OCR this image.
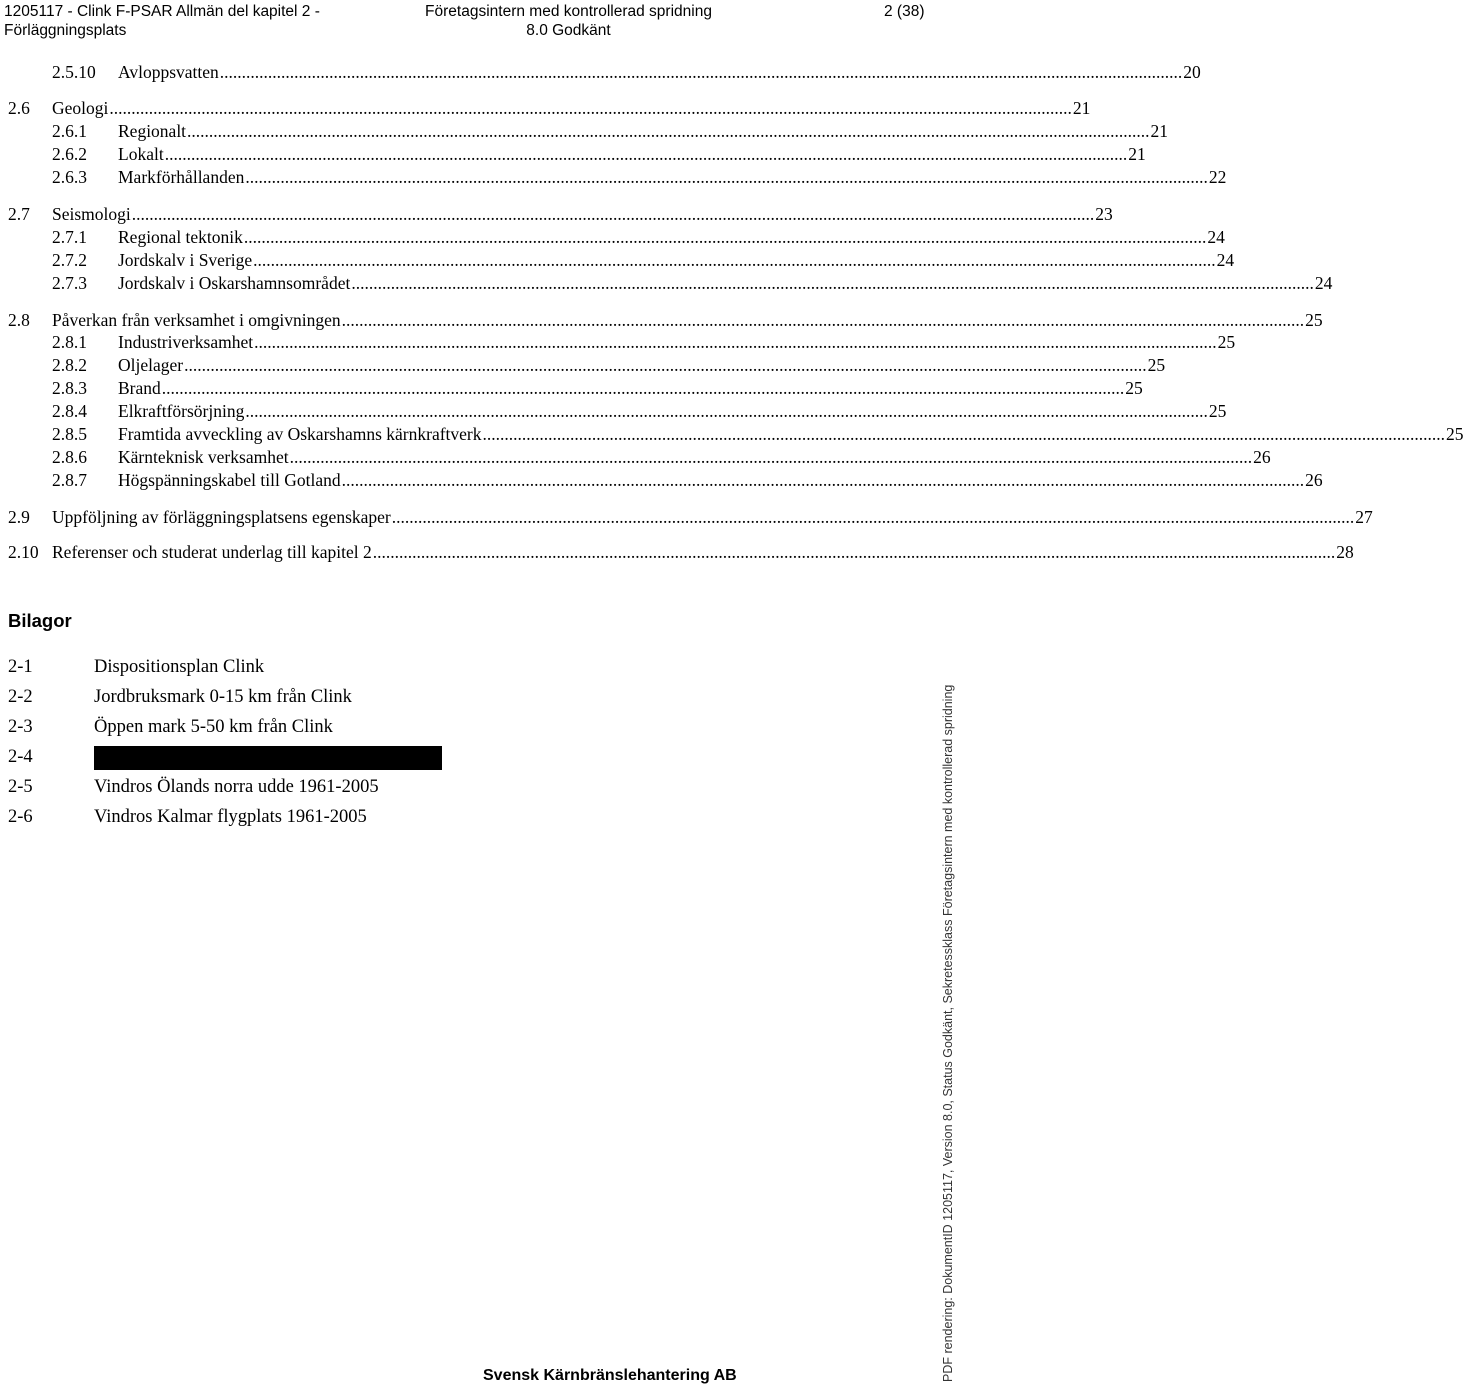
1205117 - Clink F-PSAR Allmän del kapitel 2 -
Förläggningsplats
Företagsintern med kontrollerad spridning
8.0 Godkänt
2 (38)
2.5.10	Avloppsvatten ............................................................................................................................................................................................................................ 20
2.6	Geologi ............................................................................................................................................................................................................................ 21
2.6.1	Regionalt ............................................................................................................................................................................................................................ 21
2.6.2	Lokalt ............................................................................................................................................................................................................................ 21
2.6.3	Markförhållanden ............................................................................................................................................................................................................................ 22
2.7	Seismologi ............................................................................................................................................................................................................................ 23
2.7.1	Regional tektonik ............................................................................................................................................................................................................................ 24
2.7.2	Jordskalv i Sverige ............................................................................................................................................................................................................................ 24
2.7.3	Jordskalv i Oskarshamnsområdet ............................................................................................................................................................................................................................ 24
2.8	Påverkan från verksamhet i omgivningen ............................................................................................................................................................................................................................ 25
2.8.1	Industriverksamhet ............................................................................................................................................................................................................................ 25
2.8.2	Oljelager ............................................................................................................................................................................................................................ 25
2.8.3	Brand ............................................................................................................................................................................................................................ 25
2.8.4	Elkraftförsörjning ............................................................................................................................................................................................................................ 25
2.8.5	Framtida avveckling av Oskarshamns kärnkraftverk ............................................................................................................................................................................................................................ 25
2.8.6	Kärnteknisk verksamhet ............................................................................................................................................................................................................................ 26
2.8.7	Högspänningskabel till Gotland ............................................................................................................................................................................................................................ 26
2.9	Uppföljning av förläggningsplatsens egenskaper ............................................................................................................................................................................................................................ 27
2.10 Referenser och studerat underlag till kapitel 2 ............................................................................................................................................................................................................................ 28
Bilagor
2-1	Dispositionsplan Clink
2-2	Jordbruksmark 0-15 km från Clink
2-3	Öppen mark 5-50 km från Clink
2-4
2-5	Vindros Ölands norra udde 1961-2005
2-6	Vindros Kalmar flygplats 1961-2005
Svensk Kärnbränslehantering AB	PDF rendering: DokumentID 1205117, Version 8.0, Status Godkänt, Sekretessklass Företagsintern med kontrollerad spridning
